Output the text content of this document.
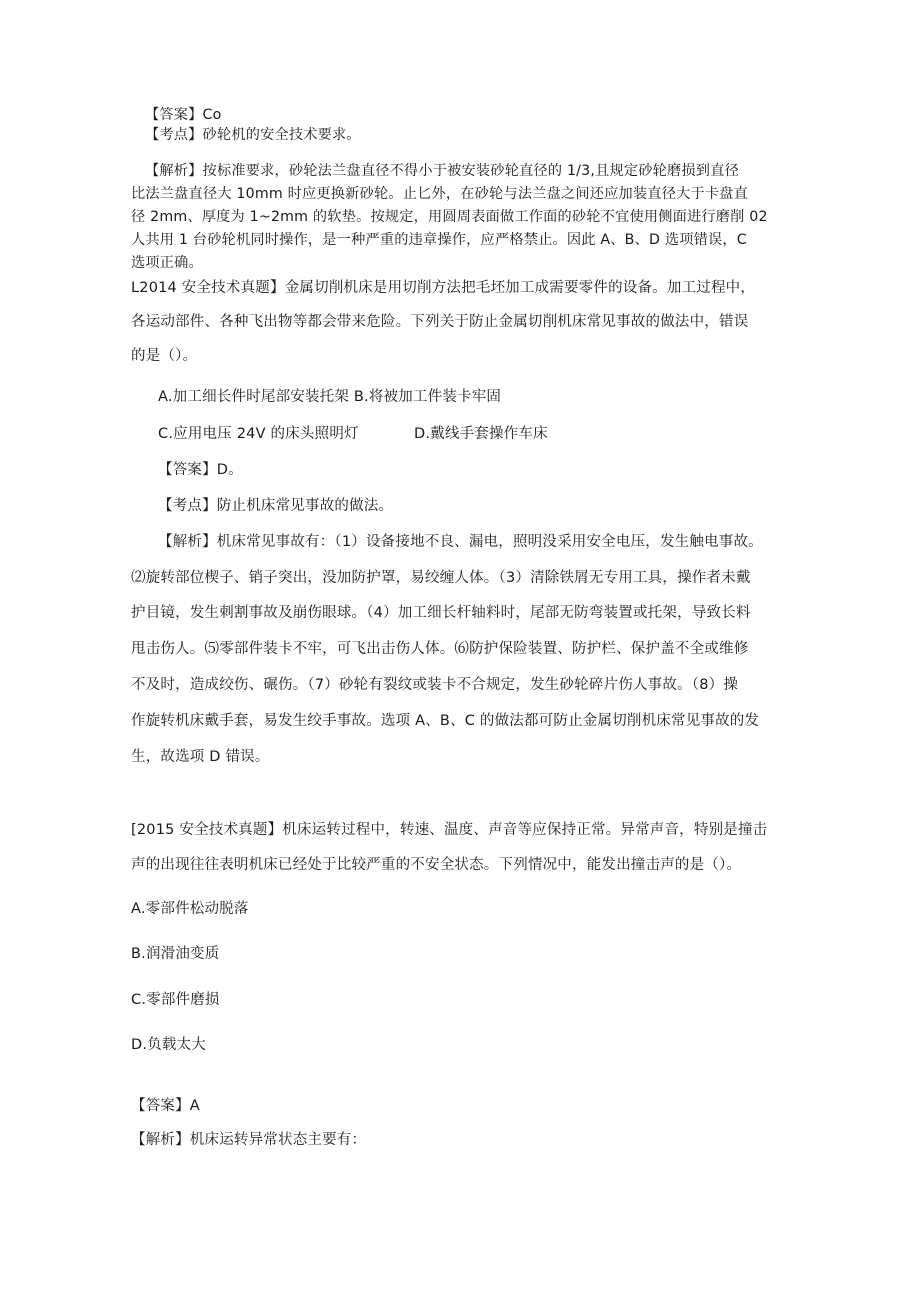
【答案】Co

【考点】砂轮机的安全技术要求。

【解析】按标准要求，砂轮法兰盘直径不得小于被安装砂轮直径的 1/3,且规定砂轮磨损到直径

比法兰盘直径大 10mm 时应更换新砂轮。止匕外，在砂轮与法兰盘之间还应加装直径大于卡盘直

径 2mm、厚度为 1~2mm 的软垫。按规定，用圆周表面做工作面的砂轮不宜使用侧面进行磨削 02

人共用 1 台砂轮机同时操作，是一种严重的违章操作，应严格禁止。因此 A、B、D 选项错误，C

选项正确。

L2014 安全技术真题】金属切削机床是用切削方法把毛坯加工成需要零件的设备。加工过程中，

各运动部件、各种飞出物等都会带来危险。下列关于防止金属切削机床常见事故的做法中，错误

的是（）。

A.加工细长件时尾部安装托架 B.将被加工件装卡牢固

C.应用电压 24V 的床头照明灯	D.戴线手套操作车床

【答案】D。

【考点】防止机床常见事故的做法。

【解析】机床常见事故有：（1）设备接地不良、漏电，照明没采用安全电压，发生触电事故。

⑵旋转部位楔子、销子突出，没加防护罩，易绞缠人体。（3）清除铁屑无专用工具，操作者未戴

护目镜，发生刺割事故及崩伤眼球。（4）加工细长杆轴料时，尾部无防弯装置或托架，导致长料

甩击伤人。⑸零部件装卡不牢，可飞出击伤人体。⑹防护保险装置、防护栏、保护盖不全或维修

不及时，造成绞伤、碾伤。（7）砂轮有裂纹或装卡不合规定，发生砂轮碎片伤人事故。（8）操

作旋转机床戴手套，易发生绞手事故。选项 A、B、C 的做法都可防止金属切削机床常见事故的发

生，故选项 D 错误。

[2015 安全技术真题】机床运转过程中，转速、温度、声音等应保持正常。异常声音，特别是撞击

声的出现往往表明机床已经处于比较严重的不安全状态。下列情况中，能发出撞击声的是（）。

A.零部件松动脱落

B.润滑油变质

C.零部件磨损

D.负载太大

【答案】A

【解析】机床运转异常状态主要有：
